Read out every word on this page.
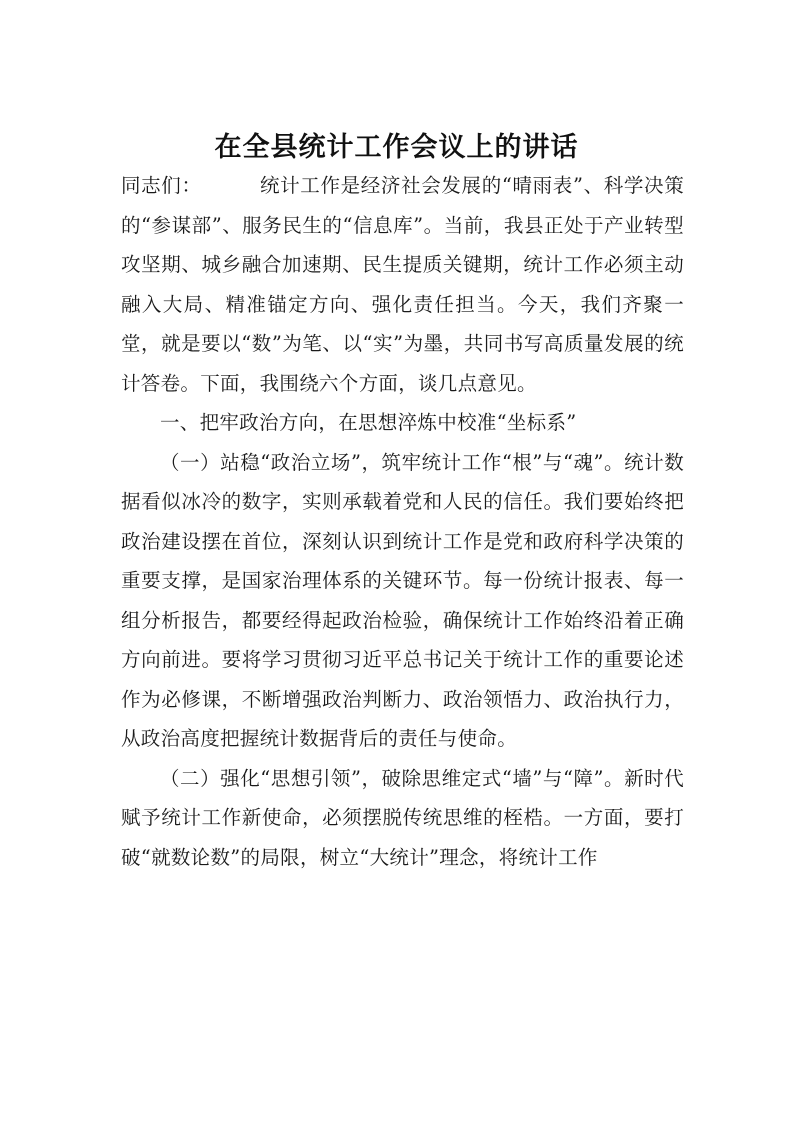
在全县统计工作会议上的讲话

同志们：	统计工作是经济社会发展的“晴雨表”、科学决策的“参谋部”、服务民生的“信息库”。当前，我县正处于产业转型攻坚期、城乡融合加速期、民生提质关键期，统计工作必须主动融入大局、精准锚定方向、强化责任担当。今天，我们齐聚一堂，就是要以“数”为笔、以“实”为墨，共同书写高质量发展的统计答卷。下面，我围绕六个方面，谈几点意见。

一、把牢政治方向，在思想淬炼中校准“坐标系”

（一）站稳“政治立场”，筑牢统计工作“根”与“魂”。统计数据看似冰冷的数字，实则承载着党和人民的信任。我们要始终把政治建设摆在首位，深刻认识到统计工作是党和政府科学决策的重要支撑，是国家治理体系的关键环节。每一份统计报表、每一组分析报告，都要经得起政治检验，确保统计工作始终沿着正确方向前进。要将学习贯彻习近平总书记关于统计工作的重要论述作为必修课，不断增强政治判断力、政治领悟力、政治执行力，从政治高度把握统计数据背后的责任与使命。

（二）强化“思想引领”，破除思维定式“墙”与“障”。新时代赋予统计工作新使命，必须摆脱传统思维的桎梏。一方面，要打破“就数论数”的局限，树立“大统计”理念，将统计工作
